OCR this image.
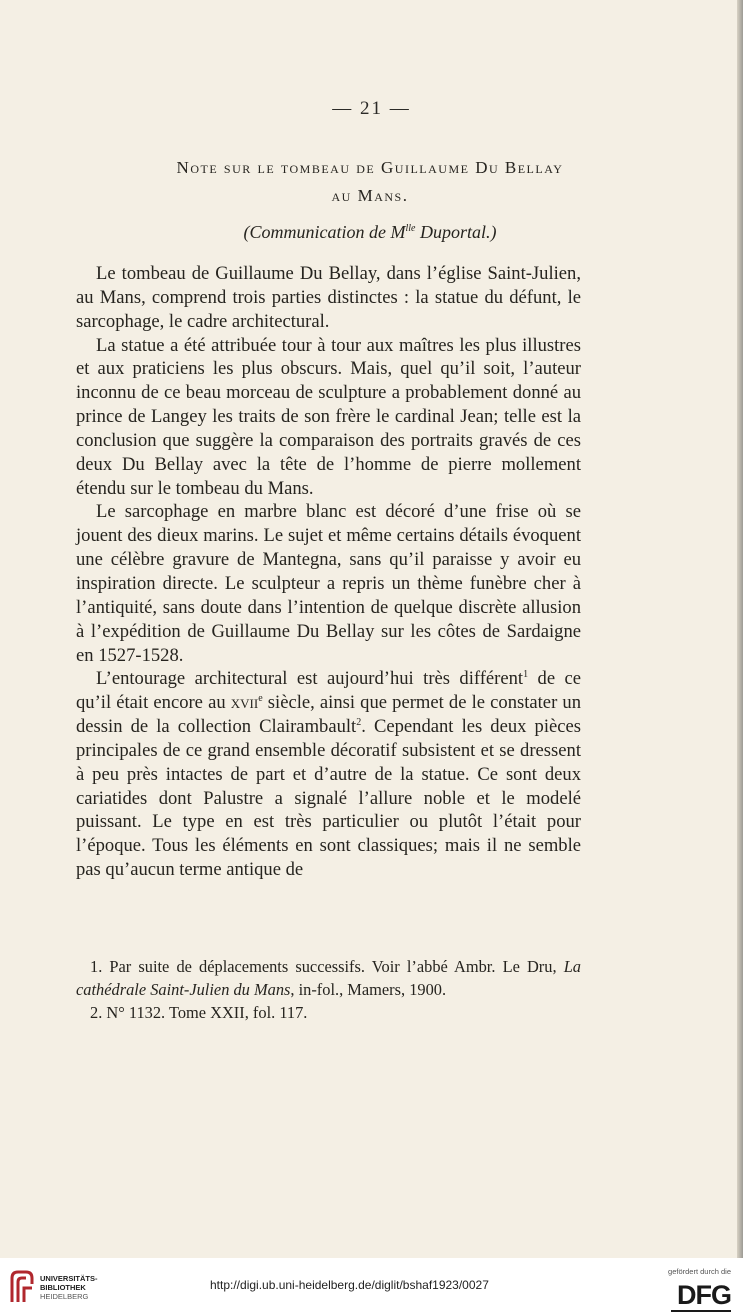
— 21 —
Note sur le tombeau de Guillaume Du Bellay
au Mans.
(Communication de $M^{lle}$ Duportal.)

Le tombeau de Guillaume Du Bellay, dans l’église Saint-Julien, au Mans, comprend trois parties distinctes : la statue du défunt, le sarcophage, le cadre architectural.

La statue a été attribuée tour à tour aux maîtres les plus illustres et aux praticiens les plus obscurs. Mais, quel qu’il soit, l’auteur inconnu de ce beau morceau de sculpture a probablement donné au prince de Langey les traits de son frère le cardinal Jean; telle est la conclusion que suggère la comparaison des portraits gravés de ces deux Du Bellay avec la tête de l’homme de pierre mollement étendu sur le tombeau du Mans.

Le sarcophage en marbre blanc est décoré d’une frise où se jouent des dieux marins. Le sujet et même certains détails évoquent une célèbre gravure de Mantegna, sans qu’il paraisse y avoir eu inspiration directe. Le sculpteur a repris un thème funèbre cher à l’antiquité, sans doute dans l’intention de quelque discrète allusion à l’expédition de Guillaume Du Bellay sur les côtes de Sardaigne en 1527-1528.

L’entourage architectural est aujourd’hui très différent$^1$ de ce qu’il était encore au xvii$^e$ siècle, ainsi que permet de le constater un dessin de la collection Clairambault$^2$. Cependant les deux pièces principales de ce grand ensemble décoratif subsistent et se dressent à peu près intactes de part et d’autre de la statue. Ce sont deux cariatides dont Palustre a signalé l’allure noble et le modelé puissant. Le type en est très particulier ou plutôt l’était pour l’époque. Tous les éléments en sont classiques; mais il ne semble pas qu’aucun terme antique de

1. Par suite de déplacements successifs. Voir l’abbé Ambr. Le Dru, La cathédrale Saint-Julien du Mans, in-fol., Mamers, 1900.

2. N° 1132. Tome XXII, fol. 117.

UNIVERSITÄTS-
BIBLIOTHEK
HEIDELBERG
http://digi.ub.uni-heidelberg.de/diglit/bshaf1923/0027
gefördert durch die
DFG
